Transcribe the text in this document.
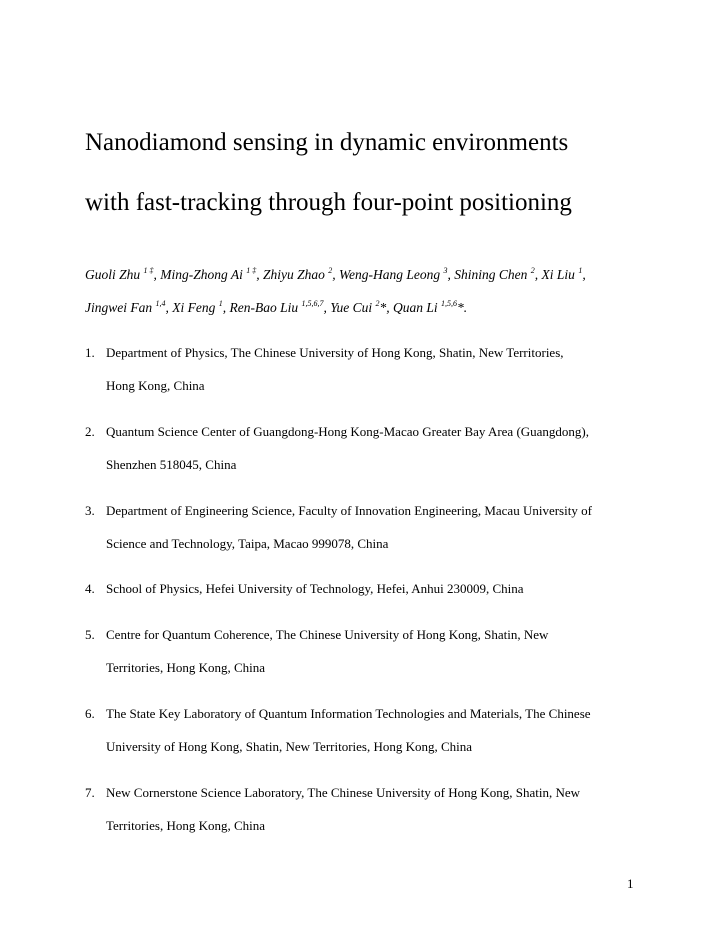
Nanodiamond sensing in dynamic environments
with fast-tracking through four-point positioning
Guoli Zhu $^{1 \ddagger}$, Ming-Zhong Ai $^{1 \ddagger}$, Zhiyu Zhao $^2$, Weng-Hang Leong $^3$, Shining Chen $^2$, Xi Liu $^1$,
Jingwei Fan $^{1,4}$, Xi Feng $^1$, Ren-Bao Liu $^{1,5,6,7}$, Yue Cui $^2$*, Quan Li $^{1,5,6}$*.
1. Department of Physics, The Chinese University of Hong Kong, Shatin, New Territories,
Hong Kong, China
2. Quantum Science Center of Guangdong-Hong Kong-Macao Greater Bay Area (Guangdong),
Shenzhen 518045, China
3. Department of Engineering Science, Faculty of Innovation Engineering, Macau University of
Science and Technology, Taipa, Macao 999078, China
4. School of Physics, Hefei University of Technology, Hefei, Anhui 230009, China
5. Centre for Quantum Coherence, The Chinese University of Hong Kong, Shatin, New
Territories, Hong Kong, China
6. The State Key Laboratory of Quantum Information Technologies and Materials, The Chinese
University of Hong Kong, Shatin, New Territories, Hong Kong, China
7. New Cornerstone Science Laboratory, The Chinese University of Hong Kong, Shatin, New
Territories, Hong Kong, China
1
